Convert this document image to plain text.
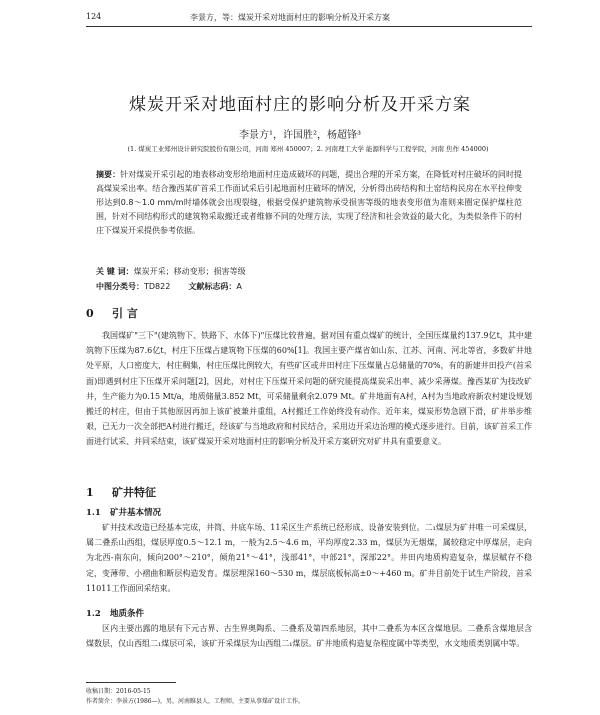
124	李景方，等：煤炭开采对地面村庄的影响分析及开采方案
煤炭开采对地面村庄的影响分析及开采方案
李景方¹，许国胜²，杨超锋³
(1. 煤炭工业郑州设计研究院股份有限公司，河南 郑州 450007；2. 河南理工大学 能源科学与工程学院，河南 焦作 454000)
摘要：针对煤炭开采引起的地表移动变形给地面村庄造成破坏的问题，提出合理的开采方案，在降低对村庄破坏的同时提高煤炭采出率。结合豫西某矿首采工作面试采后引起地面村庄破坏的情况，分析得出砖结构和土窑结构民房在水平拉伸变形达到0.8～1.0 mm/m时墙体就会出现裂缝，根据受保护建筑物承受损害等级的地表变形值为准则来圈定保护煤柱范围，针对不同结构形式的建筑物采取搬迁或者维修不同的处理方法，实现了经济和社会效益的最大化，为类似条件下的村庄下煤炭开采提供参考依据。
关 键 词：煤炭开采；移动变形；损害等级
中图分类号：TD822 文献标志码：A
0 引 言
我国煤矿"三下"(建筑物下、铁路下、水体下)"压煤比较普遍，据对国有重点煤矿的统计，全国压煤量约137.9亿t，其中建筑物下压煤为87.6亿t，村庄下压煤占建筑物下压煤的60%[1]。我国主要产煤省如山东、江苏、河南、河北等省，多数矿井地处平原，人口密度大，村庄稠集，村庄压煤比例较大，有些矿区或井田村庄下压煤量占总储量的70%，有的新建井田投产(首采面)即遇到村庄下压煤开采问题[2]，因此，对村庄下压煤开采问题的研究能提高煤炭采出率、减少采薄煤。豫西某矿为技改矿井，生产能力为0.15 Mt/a，地质储量3.852 Mt，可采储量剩余2.079 Mt。矿井地面有A村，A村为当地政府新农村建设规划搬迁的村庄，但由于其他原因再加上该矿被兼并重组，A村搬迁工作始终没有动作。近年来，煤炭形势急剧下滑，矿井举步维艰，已无力一次全部把A村进行搬迁，经该矿与当地政府和村民结合，采用边开采边治理的模式逐步进行。目前，该矿首采工作面进行试采、并同采结束，该矿煤炭开采对地面村庄的影响分析及开采方案研究对矿井具有重要意义。
1 矿井特征
1.1 矿井基本情况
矿井技术改造已经基本完成，井筒、井底车场、11采区生产系统已经形成、设备安装到位。二₁煤层为矿井唯一可采煤层，属二叠系山西组，煤层厚度0.5～12.1 m，一般为2.5～4.6 m，平均厚度2.33 m，煤层为无烟煤，属较稳定中厚煤层，走向为北西-南东向，倾向200°～210°，倾角21°～41°，浅部41°，中部21°，深部22°。井田内地质构造复杂，煤层赋存不稳定，变薄带、小褶曲和断层构造发育。煤层埋深160～530 m，煤层底板标高±0～+460 m。矿井目前处于试生产阶段，首采11011工作面回采结束。
1.2 地质条件
区内主要出露的地层有下元古界、古生界奥陶系、二叠系及第四系地层，其中二叠系为本区含煤地层。二叠系含煤地层含煤数层，仅山西组二₁煤层可采，该矿开采煤层为山西组二₁煤层。矿井地质构造复杂程度属中等类型，水文地质类别属中等。
收稿日期：2016-05-15
作者简介：李景方(1986—)，男，河南睢县人，工程师，主要从事煤矿设计工作。
